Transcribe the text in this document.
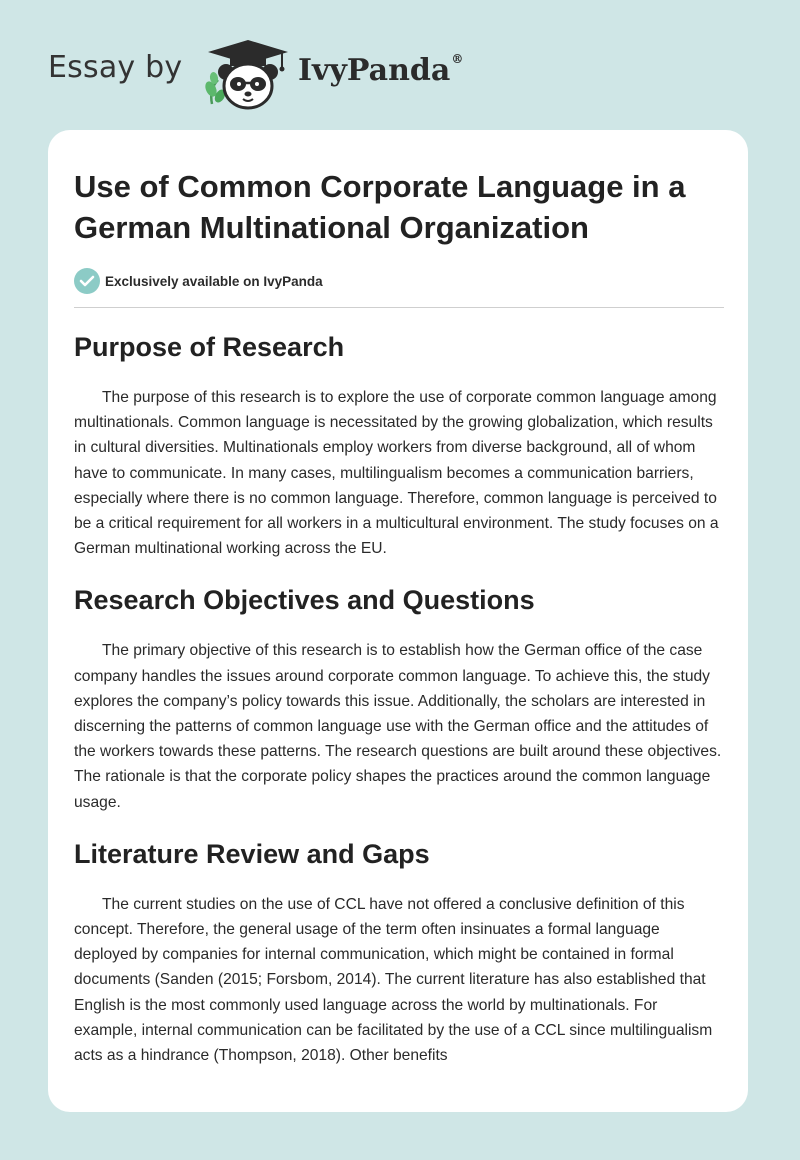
Essay by	IvyPanda®
Use of Common Corporate Language in a German Multinational Organization
Exclusively available on IvyPanda
Purpose of Research

The purpose of this research is to explore the use of corporate common language among multinationals. Common language is necessitated by the growing globalization, which results in cultural diversities. Multinationals employ workers from diverse background, all of whom have to communicate. In many cases, multilingualism becomes a communication barriers, especially where there is no common language. Therefore, common language is perceived to be a critical requirement for all workers in a multicultural environment. The study focuses on a German multinational working across the EU.

Research Objectives and Questions

The primary objective of this research is to establish how the German office of the case company handles the issues around corporate common language. To achieve this, the study explores the company’s policy towards this issue. Additionally, the scholars are interested in discerning the patterns of common language use with the German office and the attitudes of the workers towards these patterns. The research questions are built around these objectives. The rationale is that the corporate policy shapes the practices around the common language usage.

Literature Review and Gaps

The current studies on the use of CCL have not offered a conclusive definition of this concept. Therefore, the general usage of the term often insinuates a formal language deployed by companies for internal communication, which might be contained in formal documents (Sanden (2015; Forsbom, 2014). The current literature has also established that English is the most commonly used language across the world by multinationals. For example, internal communication can be facilitated by the use of a CCL since multilingualism acts as a hindrance (Thompson, 2018). Other benefits
